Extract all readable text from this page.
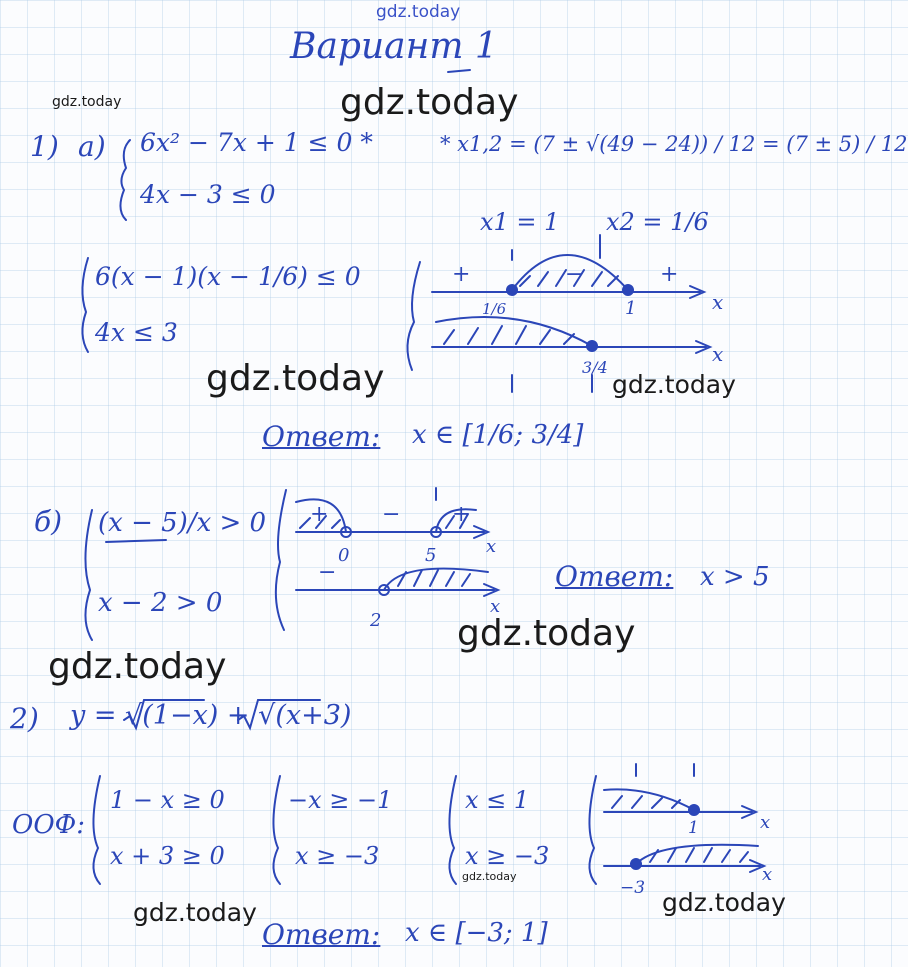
gdz.today
gdz.today	gdz.today
gdz.today	gdz.today
gdz.today
gdz.today
gdz.today
gdz.today	gdz.today
Вариант 1
1) а) 6x² − 7x + 1 ≤ 0 *
4x − 3 ≤ 0
* x1,2 = (7 ± √(49 − 24)) / 12 = (7 ± 5) / 12
x1 = 1 x2 = 1/6
6(x − 1)(x − 1/6) ≤ 0
4x ≤ 3
+	−	+
1/6	1
3/4
x
x
Ответ: x ∈ [1/6; 3/4]
б) (x − 5)/x > 0
x − 2 > 0
+ − +
−
0	5
2
x
x
Ответ: x > 5
2) y = √(1−x) + √(x+3)
ООФ:
1 − x ≥ 0
x + 3 ≥ 0
−x ≥ −1
x ≥ −3
x ≤ 1
x ≥ −3
1
−3
x
x
Ответ: x ∈ [−3; 1]
